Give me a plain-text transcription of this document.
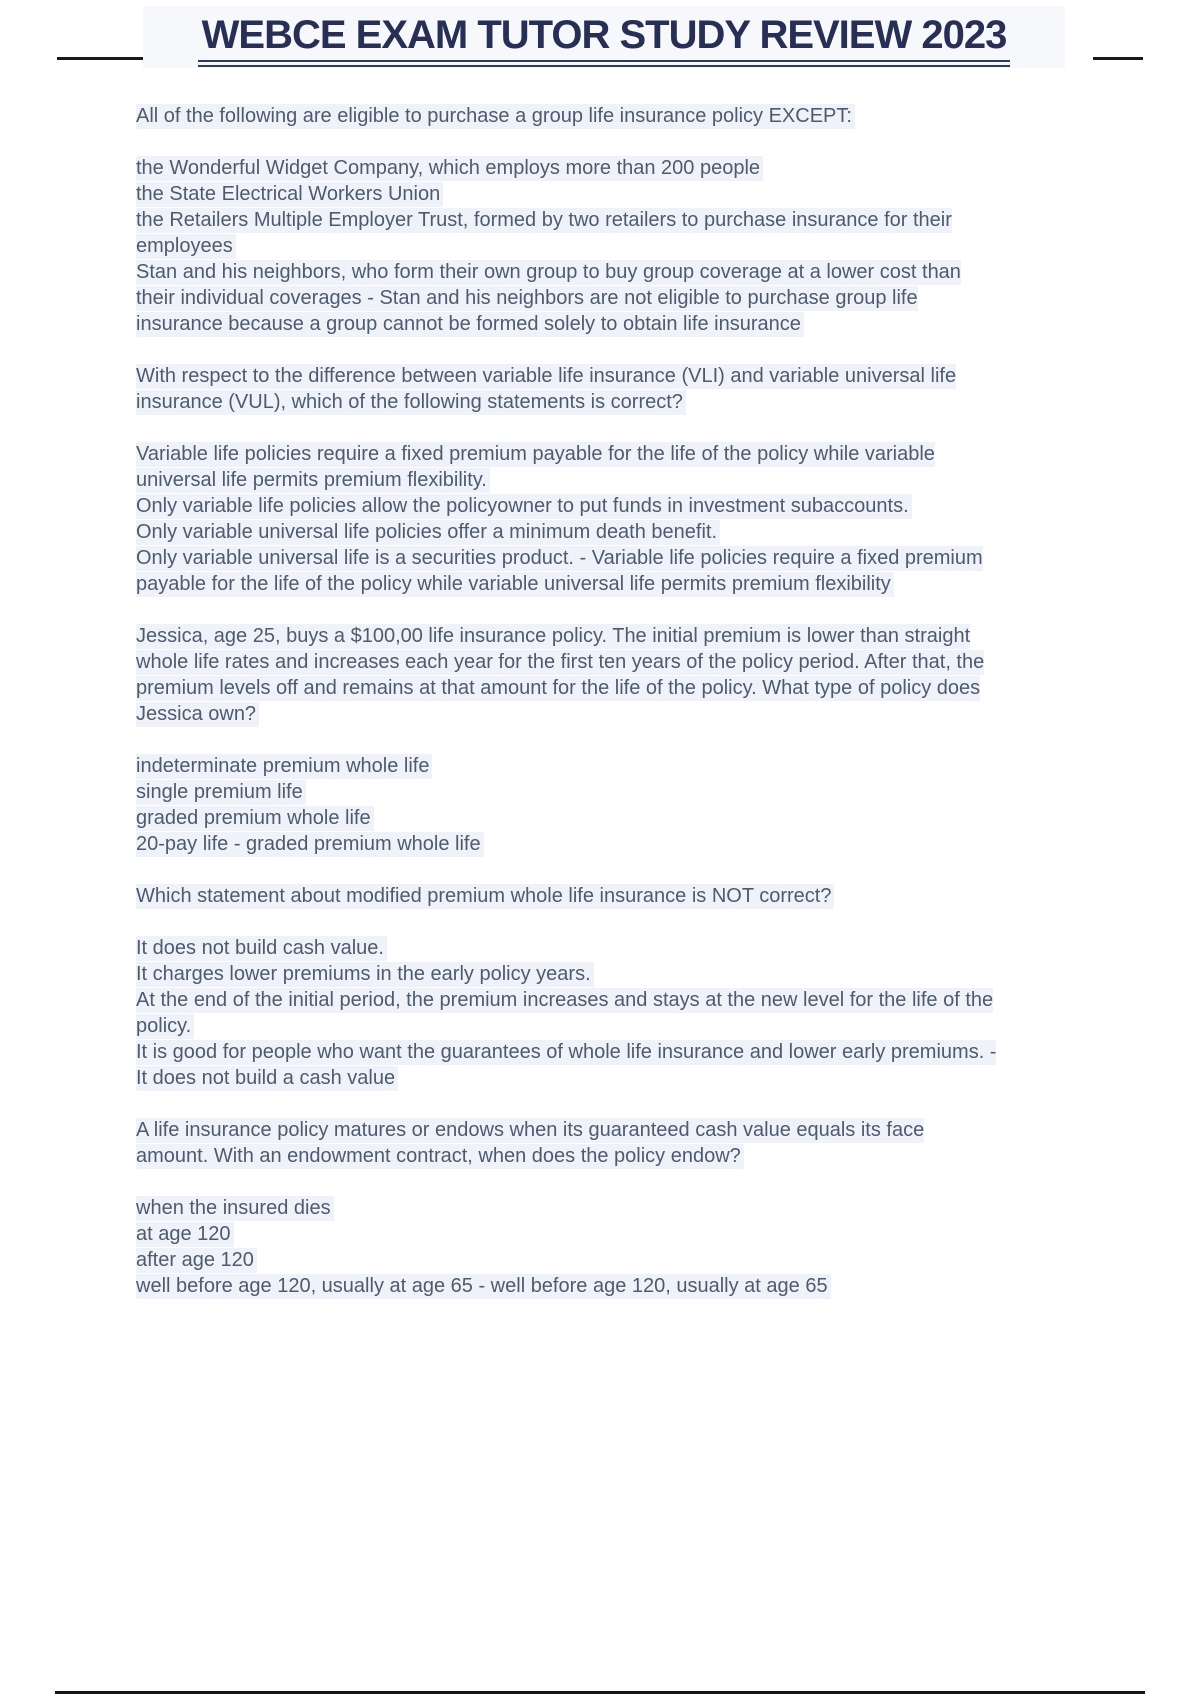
WEBCE EXAM TUTOR STUDY REVIEW 2023

All of the following are eligible to purchase a group life insurance policy EXCEPT:

the Wonderful Widget Company, which employs more than 200 people

the State Electrical Workers Union

the Retailers Multiple Employer Trust, formed by two retailers to purchase insurance for their employees

Stan and his neighbors, who form their own group to buy group coverage at a lower cost than their individual coverages - Stan and his neighbors are not eligible to purchase group life insurance because a group cannot be formed solely to obtain life insurance

With respect to the difference between variable life insurance (VLI) and variable universal life insurance (VUL), which of the following statements is correct?

Variable life policies require a fixed premium payable for the life of the policy while variable universal life permits premium flexibility.

Only variable life policies allow the policyowner to put funds in investment subaccounts.

Only variable universal life policies offer a minimum death benefit.

Only variable universal life is a securities product. - Variable life policies require a fixed premium payable for the life of the policy while variable universal life permits premium flexibility

Jessica, age 25, buys a $100,00 life insurance policy. The initial premium is lower than straight whole life rates and increases each year for the first ten years of the policy period. After that, the premium levels off and remains at that amount for the life of the policy. What type of policy does Jessica own?

indeterminate premium whole life

single premium life

graded premium whole life

20-pay life - graded premium whole life

Which statement about modified premium whole life insurance is NOT correct?

It does not build cash value.

It charges lower premiums in the early policy years.

At the end of the initial period, the premium increases and stays at the new level for the life of the policy.

It is good for people who want the guarantees of whole life insurance and lower early premiums. - It does not build a cash value

A life insurance policy matures or endows when its guaranteed cash value equals its face amount. With an endowment contract, when does the policy endow?

when the insured dies

at age 120

after age 120

well before age 120, usually at age 65 - well before age 120, usually at age 65
